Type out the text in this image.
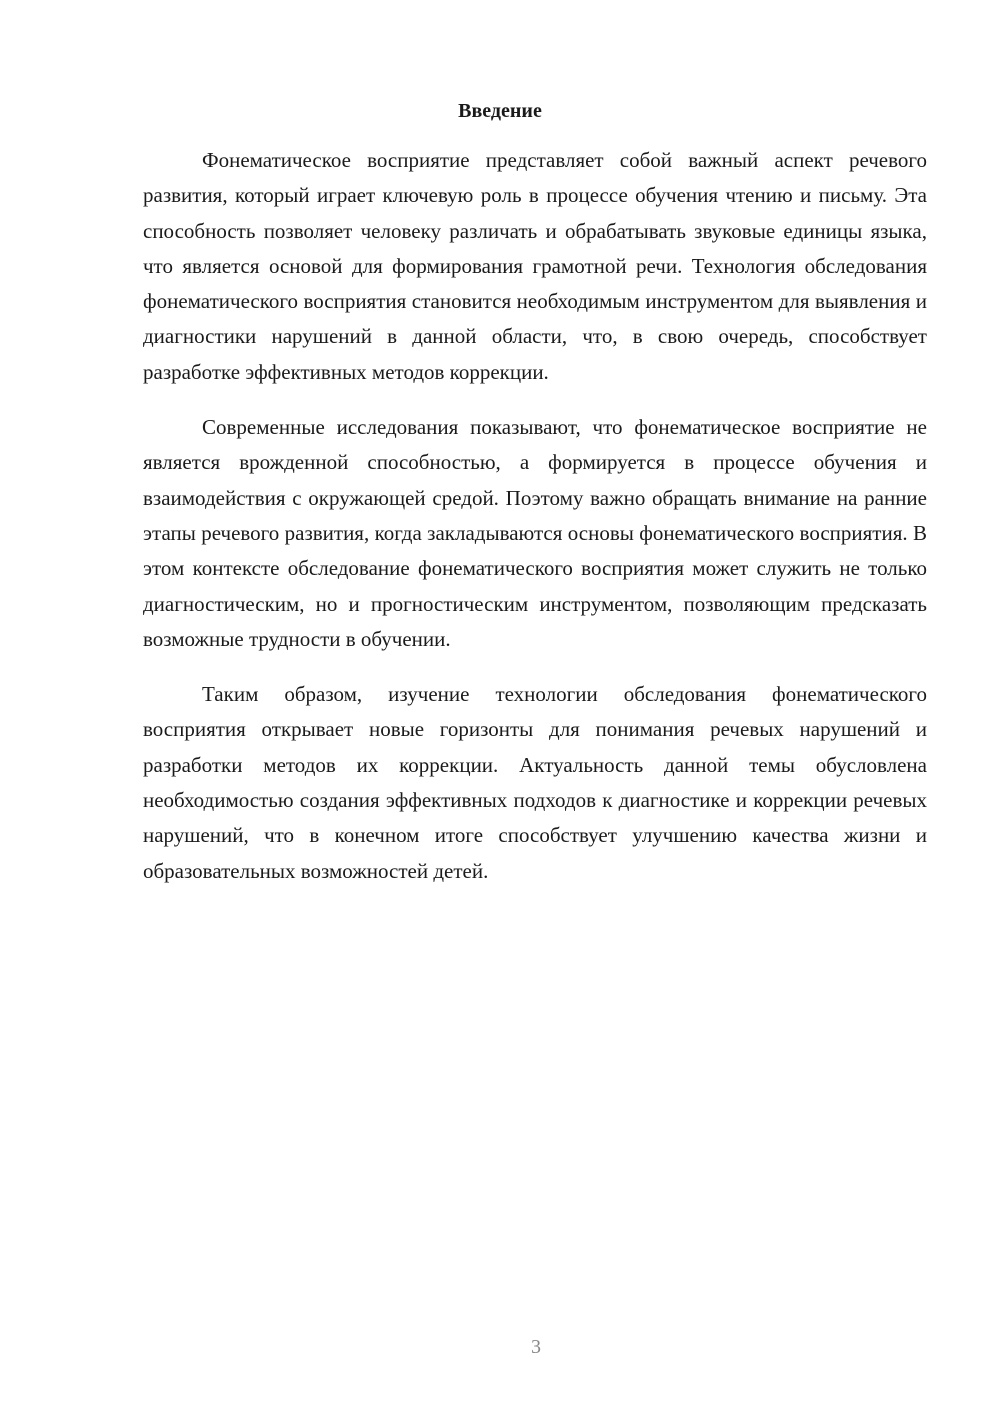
Введение

Фонематическое восприятие представляет собой важный аспект речевого развития, который играет ключевую роль в процессе обучения чтению и письму. Эта способность позволяет человеку различать и обрабатывать звуковые единицы языка, что является основой для формирования грамотной речи. Технология обследования фонематического восприятия становится необходимым инструментом для выявления и диагностики нарушений в данной области, что, в свою очередь, способствует разработке эффективных методов коррекции.

Современные исследования показывают, что фонематическое восприятие не является врожденной способностью, а формируется в процессе обучения и взаимодействия с окружающей средой. Поэтому важно обращать внимание на ранние этапы речевого развития, когда закладываются основы фонематического восприятия. В этом контексте обследование фонематического восприятия может служить не только диагностическим, но и прогностическим инструментом, позволяющим предсказать возможные трудности в обучении.

Таким образом, изучение технологии обследования фонематического восприятия открывает новые горизонты для понимания речевых нарушений и разработки методов их коррекции. Актуальность данной темы обусловлена необходимостью создания эффективных подходов к диагностике и коррекции речевых нарушений, что в конечном итоге способствует улучшению качества жизни и образовательных возможностей детей.

3
